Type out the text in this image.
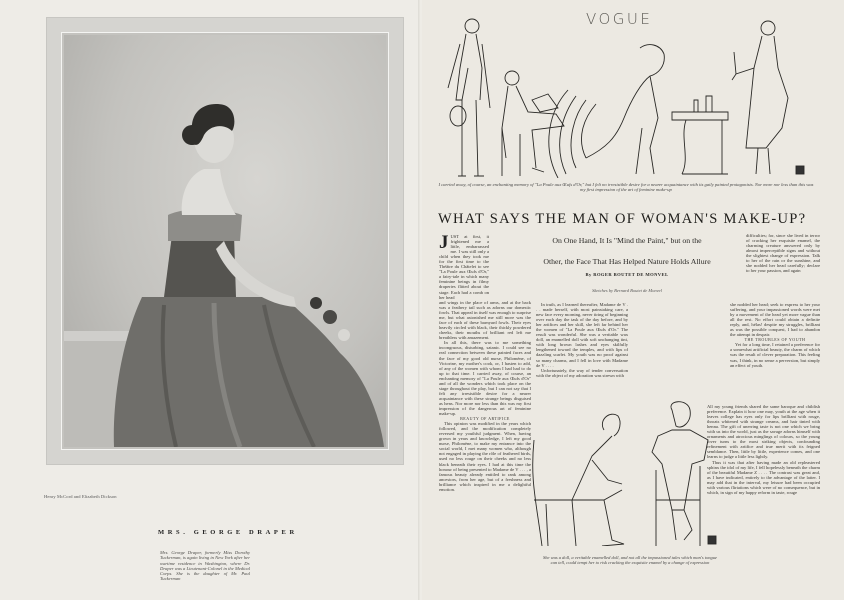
Henry McCord and Elizabeth Dickson
MRS. GEORGE DRAPER
Mrs. George Draper, formerly Miss Dorothy Tuckerman, is again living in New York after her wartime residence in Washington, where Dr. Draper was a Lieutenant-Colonel in the Medical Corps. She is the daughter of Mr. Paul Tuckerman
VOGUE
I carried away, of course, an enchanting memory of "La Poule aux Œufs d'Or," but I felt no irresistible desire for a nearer acquaintance with its gaily painted protagonists. Nor more nor less than this was my first impression of the art of feminine make-up
WHAT SAYS THE MAN OF WOMAN'S MAKE-UP?
On One Hand, It Is "Mind the Paint," but on the
Other, the Face That Has Helped Nature Holds Allure
By ROGER BOUTET DE MONVEL
Sketches by Bernard Boutet de Monvel
J UST at first, it frightened me a little, embarrassed me. I was still only a child when they took me for the first time to the Théâtre du Châtelet to see "La Poule aux Œufs d'Or," a fairy-tale in which many feminine beings in filmy draperies flitted about the stage. Each had a comb on her head

and wings in the place of arms, and at the back was a feathery tail such as adorns our domestic fowls. That appeal in itself was enough to surprise me, but what astonished me still more was the face of each of these barnyard fowls. Their eyes heavily circled with black, their thickly powdered cheeks, their mouths of brilliant red left me breathless with amazement.

In all this, there was to me something incongruous, disturbing, satanic. I could see no real connection between these painted faces and the face of my good old nurse, Philomène, of Victorine, my mother's cook, or, I hasten to add, of any of the women with whom I had had to do up to that time. I carried away, of course, an enchanting memory of "La Poule aux Œufs d'Or" and of all the wonders which took place on the stage throughout the play, but I can not say that I felt any irresistible desire for a nearer acquaintance with these strange beings disguised as hens. Nor more nor less than this was my first impression of the dangerous art of feminine make-up.

BEAUTY OF ARTIFICE

This opinion was modified in the years which followed, and the modification completely reversed my youthful judgment. When, having grown in years and knowledge, I left my good nurse, Philomène, to make my entrance into the social world, I met many women who, although not engaged in playing the rôle of feathered birds, used no less rouge on their cheeks and no less black beneath their eyes. I had at this time the honour of being presented to Madame de V . . . , a famous beauty already entitled to rank among ancestors, from her age, but of a freshness and brilliance which inspired in me a delightful emotion.

In truth, as I learned thereafter, Madame de V . . . made herself, with most painstaking care, a new face every morning, never tiring of beginning over each day the task of the day before, and by her artifices and her skill, she left far behind her the women of "La Poule aux Œufs d'Or." The result was wonderful. She was a veritable wax doll, an enamelled doll with soft unchanging tint, with long brown lashes and eyes skilfully lengthened toward the temples, and with lips of dazzling scarlet. My youth was no proof against so many charms, and I fell in love with Madame de V . . . .

Unfortunately, the way of tender conversation with the object of my adoration was strewn with

difficulties; for, since she lived in terror of cracking her exquisite enamel, the charming creature answered only by almost imperceptible signs and without the slightest change of expression. Talk to her of the rain or the sunshine, and she nodded her head carefully; declare to her your passion, and again

she nodded her head; seek to express to her your suffering, and your impassioned words were met by a movement of the head yet more vague than all the rest. No effort could obtain a definite reply, and, hélas! despite my struggles, brilliant as was the possible conquest, I had to abandon the attempt in despair.

THE TROUBLES OF YOUTH

Yet for a long time, I retained a preference for a somewhat artificial beauty, the charm of which was the result of clever preparation. This feeling was, I think, in no sense a perversion, but simply an effect of youth.

All my young friends shared the same baroque and childish preference. Explain it how one may, youth at the age when it leaves college has eyes only for lips brilliant with rouge, throats whitened with strange creams, and hair tinted with henna. The gift of unerring taste is not one which we bring with us into the world, just as the savage adorns himself with ornaments and atrocious minglings of colours, so the young lover turns to the most striking objects, confounding refinement with artifice and true merit with its feigned semblance. Then, little by little, experience comes, and one learns to judge a little less lightly.

Thus it was that after having made an old repleastered sphinx the idol of my life, I fell hopelessly beneath the charm of the beautiful Madame Z . . . . The contrast was great and, as I have indicated, entirely to the advantage of the latter. I may add that in the interval, my leisure had been occupied with various flirtations which were of no consequence, but in which, in sign of my happy reform in taste, rouge

She was a doll, a veritable enamelled doll, and not all the impassioned tales which man's tongue can tell, could tempt her to risk cracking the exquisite enamel by a change of expression
